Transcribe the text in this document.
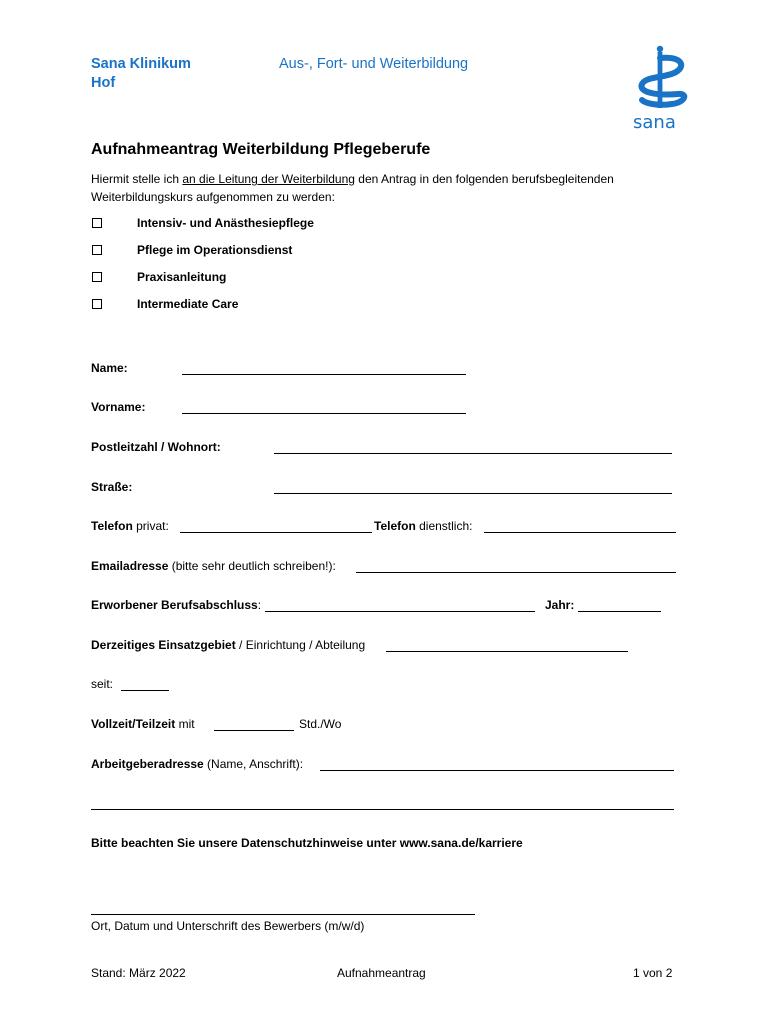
Sana Klinikum
Hof
Aus-, Fort- und Weiterbildung
sana
Aufnahmeantrag Weiterbildung Pflegeberufe
Hiermit stelle ich an die Leitung der Weiterbildung den Antrag in den folgenden berufsbegleitenden
Weiterbildungskurs aufgenommen zu werden:
Intensiv- und Anästhesiepflege
Pflege im Operationsdienst
Praxisanleitung
Intermediate Care
Name:
Vorname:
Postleitzahl / Wohnort:
Straße:
Telefon privat:	Telefon dienstlich:
Emailadresse (bitte sehr deutlich schreiben!):
Erworbener Berufsabschluss:	Jahr:
Derzeitiges Einsatzgebiet / Einrichtung / Abteilung
seit:
Vollzeit/Teilzeit mit	Std./Wo
Arbeitgeberadresse (Name, Anschrift):
Bitte beachten Sie unsere Datenschutzhinweise unter www.sana.de/karriere
Ort, Datum und Unterschrift des Bewerbers (m/w/d)
Stand: März 2022	Aufnahmeantrag	1 von 2
